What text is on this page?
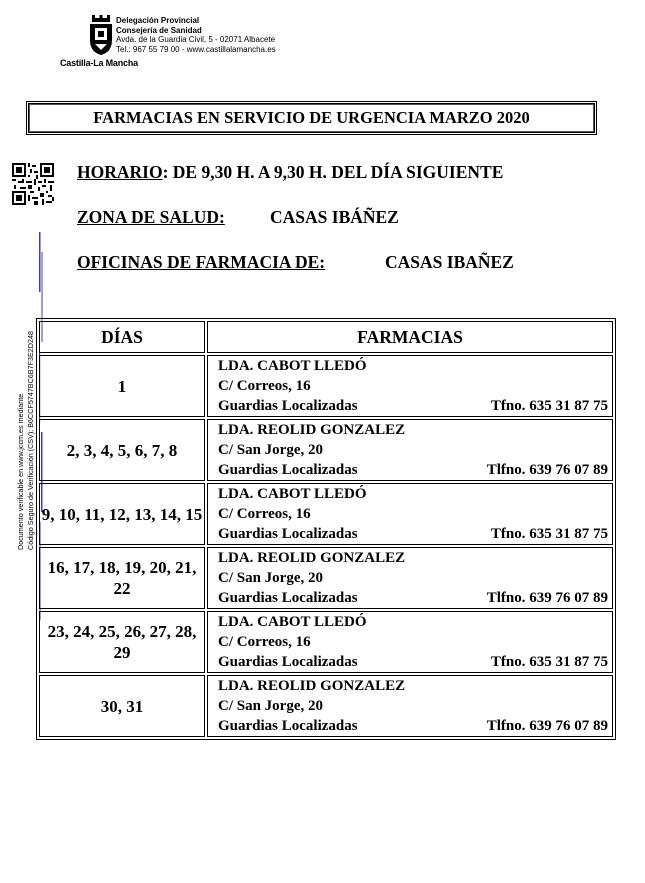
Castilla-La Mancha
Delegación Provincial
Consejería de Sanidad
Avda. de la Guardia Civil, 5 - 02071 Albacete
Tel.: 967 55 79 00 - www.castillalamancha.es
FARMACIAS EN SERVICIO DE URGENCIA MARZO 2020
Documento verificable en www.jccm.es mediante Código Seguro de Verificación (CSV): B6CCF5747BC6B7F3E2D248
HORARIO: DE 9,30 H. A 9,30 H. DEL DÍA SIGUIENTE
ZONA DE SALUD:	CASAS IBÁÑEZ
OFICINAS DE FARMACIA DE:	CASAS IBAÑEZ
DÍAS	FARMACIAS
1	LDA. CABOT LLEDÓ
C/ Correos, 16
Guardias Localizadas Tfno. 635 31 87 75

2, 3, 4, 5, 6, 7, 8	LDA. REOLID GONZALEZ
C/ San Jorge, 20
Guardias Localizadas Tlfno. 639 76 07 89

9, 10, 11, 12, 13, 14, 15	LDA. CABOT LLEDÓ
C/ Correos, 16
Guardias Localizadas Tfno. 635 31 87 75

16, 17, 18, 19, 20, 21, 22	LDA. REOLID GONZALEZ
C/ San Jorge, 20
Guardias Localizadas Tlfno. 639 76 07 89

23, 24, 25, 26, 27, 28, 29	LDA. CABOT LLEDÓ
C/ Correos, 16
Guardias Localizadas Tfno. 635 31 87 75

30, 31	LDA. REOLID GONZALEZ
C/ San Jorge, 20
Guardias Localizadas Tlfno. 639 76 07 89
